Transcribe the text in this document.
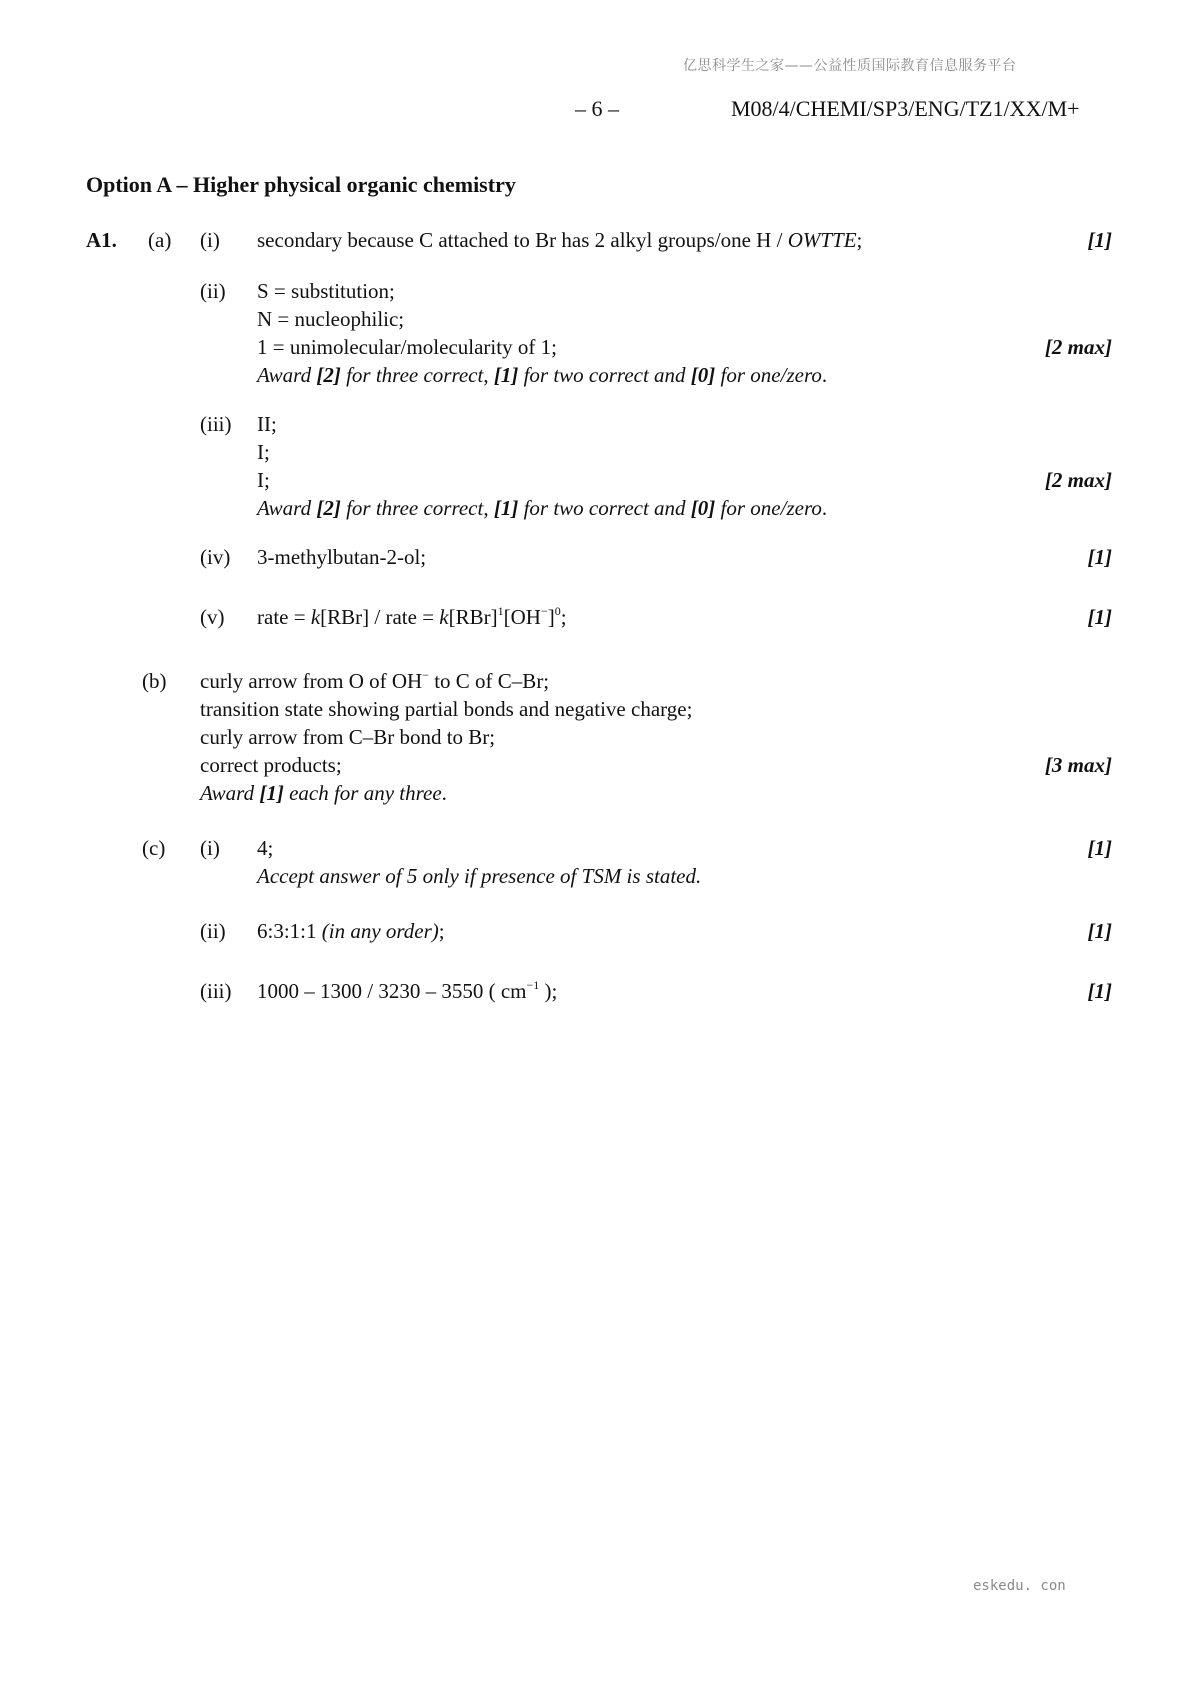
亿思科学生之家——公益性质国际教育信息服务平台
– 6 –	M08/4/CHEMI/SP3/ENG/TZ1/XX/M+
Option A – Higher physical organic chemistry
A1. (a) (i) secondary because C attached to Br has 2 alkyl groups/one H / OWTTE;	[1]
(ii) S = substitution;
N = nucleophilic;
1 = unimolecular/molecularity of 1;	[2 max]
Award [2] for three correct, [1] for two correct and [0] for one/zero.
(iii) II;
I;
I;	[2 max]
Award [2] for three correct, [1] for two correct and [0] for one/zero.
(iv) 3-methylbutan-2-ol;	[1]
(v) rate = k[RBr] / rate = $k[RBr]^1[OH^-]^0$;	[1]
(b) curly arrow from O of OH− to C of C–Br;
transition state showing partial bonds and negative charge;
curly arrow from C–Br bond to Br;
correct products;	[3 max]
Award [1] each for any three.
(c) (i) 4;	[1]
Accept answer of 5 only if presence of TSM is stated.
(ii) 6:3:1:1 (in any order);	[1]
(iii) 1000 – 1300 / 3230 – 3550 ( $cm^{-1}$ );	[1]
eskedu. con
